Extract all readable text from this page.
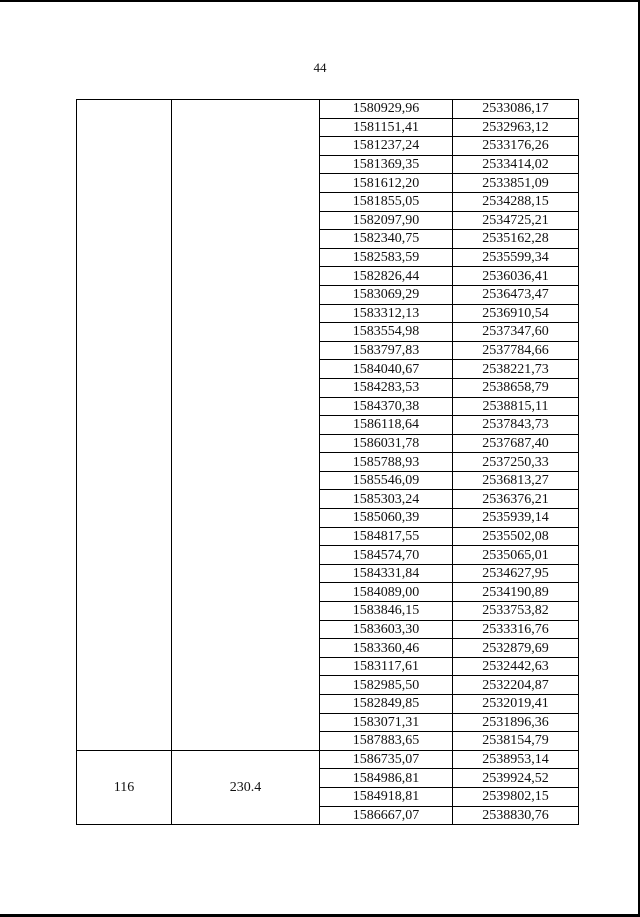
44
		1580929,96	2533086,17
		1581151,41	2532963,12
		1581237,24	2533176,26
		1581369,35	2533414,02
		1581612,20	2533851,09
		1581855,05	2534288,15
		1582097,90	2534725,21
		1582340,75	2535162,28
		1582583,59	2535599,34
		1582826,44	2536036,41
		1583069,29	2536473,47
		1583312,13	2536910,54
		1583554,98	2537347,60
		1583797,83	2537784,66
		1584040,67	2538221,73
		1584283,53	2538658,79
		1584370,38	2538815,11
		1586118,64	2537843,73
		1586031,78	2537687,40
		1585788,93	2537250,33
		1585546,09	2536813,27
		1585303,24	2536376,21
		1585060,39	2535939,14
		1584817,55	2535502,08
		1584574,70	2535065,01
		1584331,84	2534627,95
		1584089,00	2534190,89
		1583846,15	2533753,82
		1583603,30	2533316,76
		1583360,46	2532879,69
		1583117,61	2532442,63
		1582985,50	2532204,87
		1582849,85	2532019,41
		1583071,31	2531896,36
		1587883,65	2538154,79
116	230.4	1586735,07	2538953,14
		1584986,81	2539924,52
		1584918,81	2539802,15
		1586667,07	2538830,76
